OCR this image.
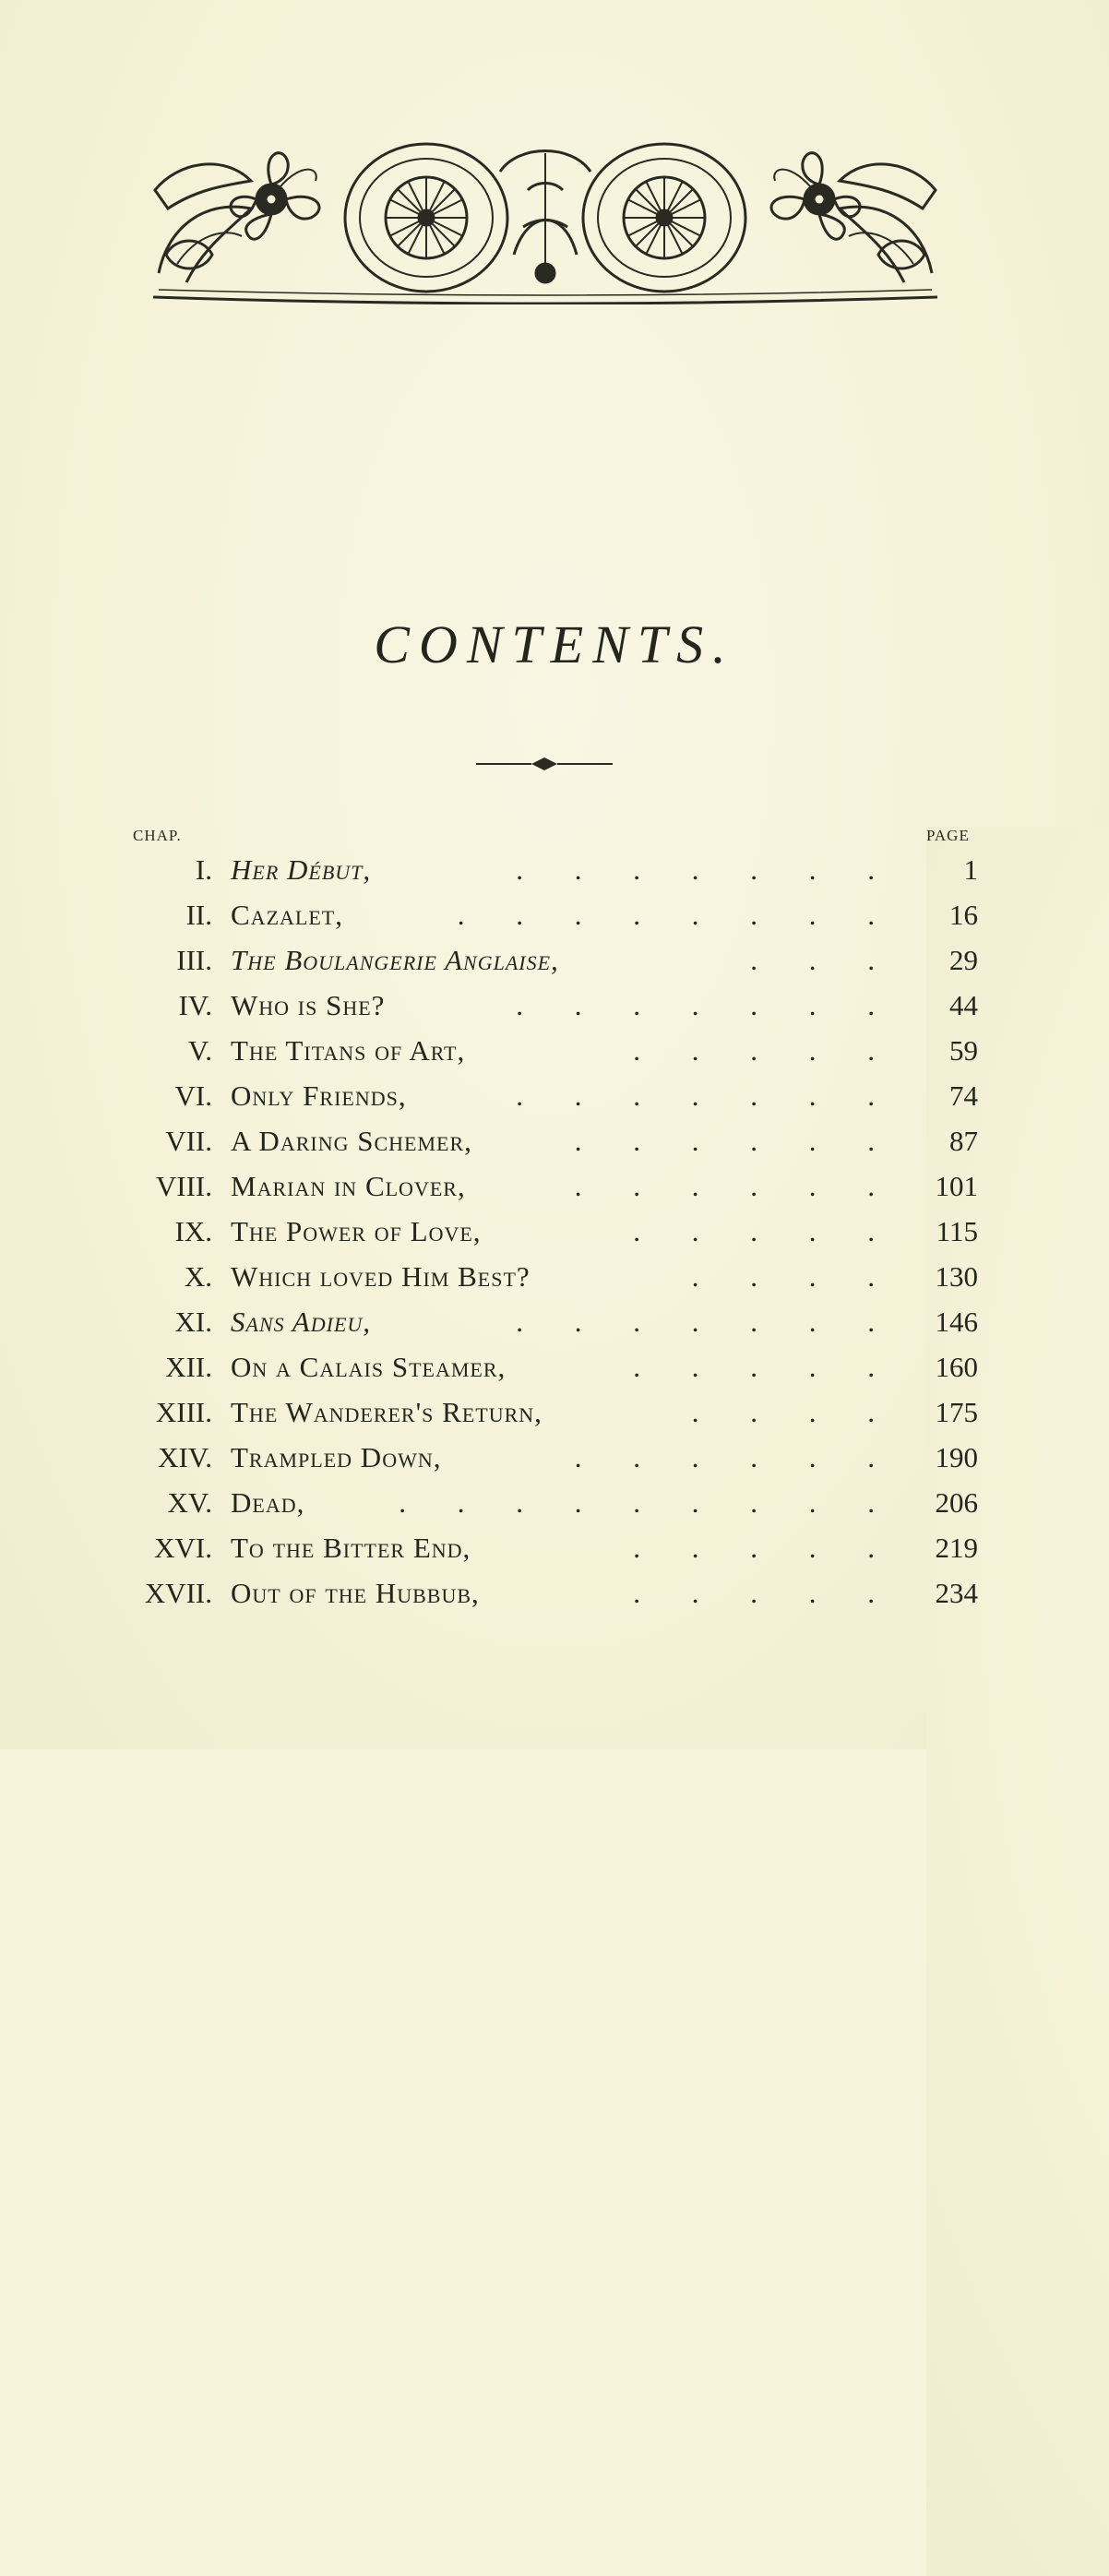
CONTENTS.
CHAP.	PAGE
I. Her Début,	. . . . . . . 1
II. Cazalet,	. . . . . . . . 16
III. The Boulangerie Anglaise,	. . . 29
IV. Who is She?	. . . . . . . 44
V. The Titans of Art,	. . . . . 59
VI. Only Friends,	. . . . . . . 74
VII. A Daring Schemer,	. . . . . . 87
VIII. Marian in Clover,	. . . . . . 101
IX. The Power of Love,	. . . . . 115
X. Which loved Him Best?	. . . . 130
XI. Sans Adieu,	. . . . . . . 146
XII. On a Calais Steamer,	. . . . . 160
XIII. The Wanderer's Return,	. . . . 175
XIV. Trampled Down,	. . . . . . 190
XV. Dead,	. . . . . . . . . 206
XVI. To the Bitter End,	. . . . . 219
XVII. Out of the Hubbub,	. . . . . 234
